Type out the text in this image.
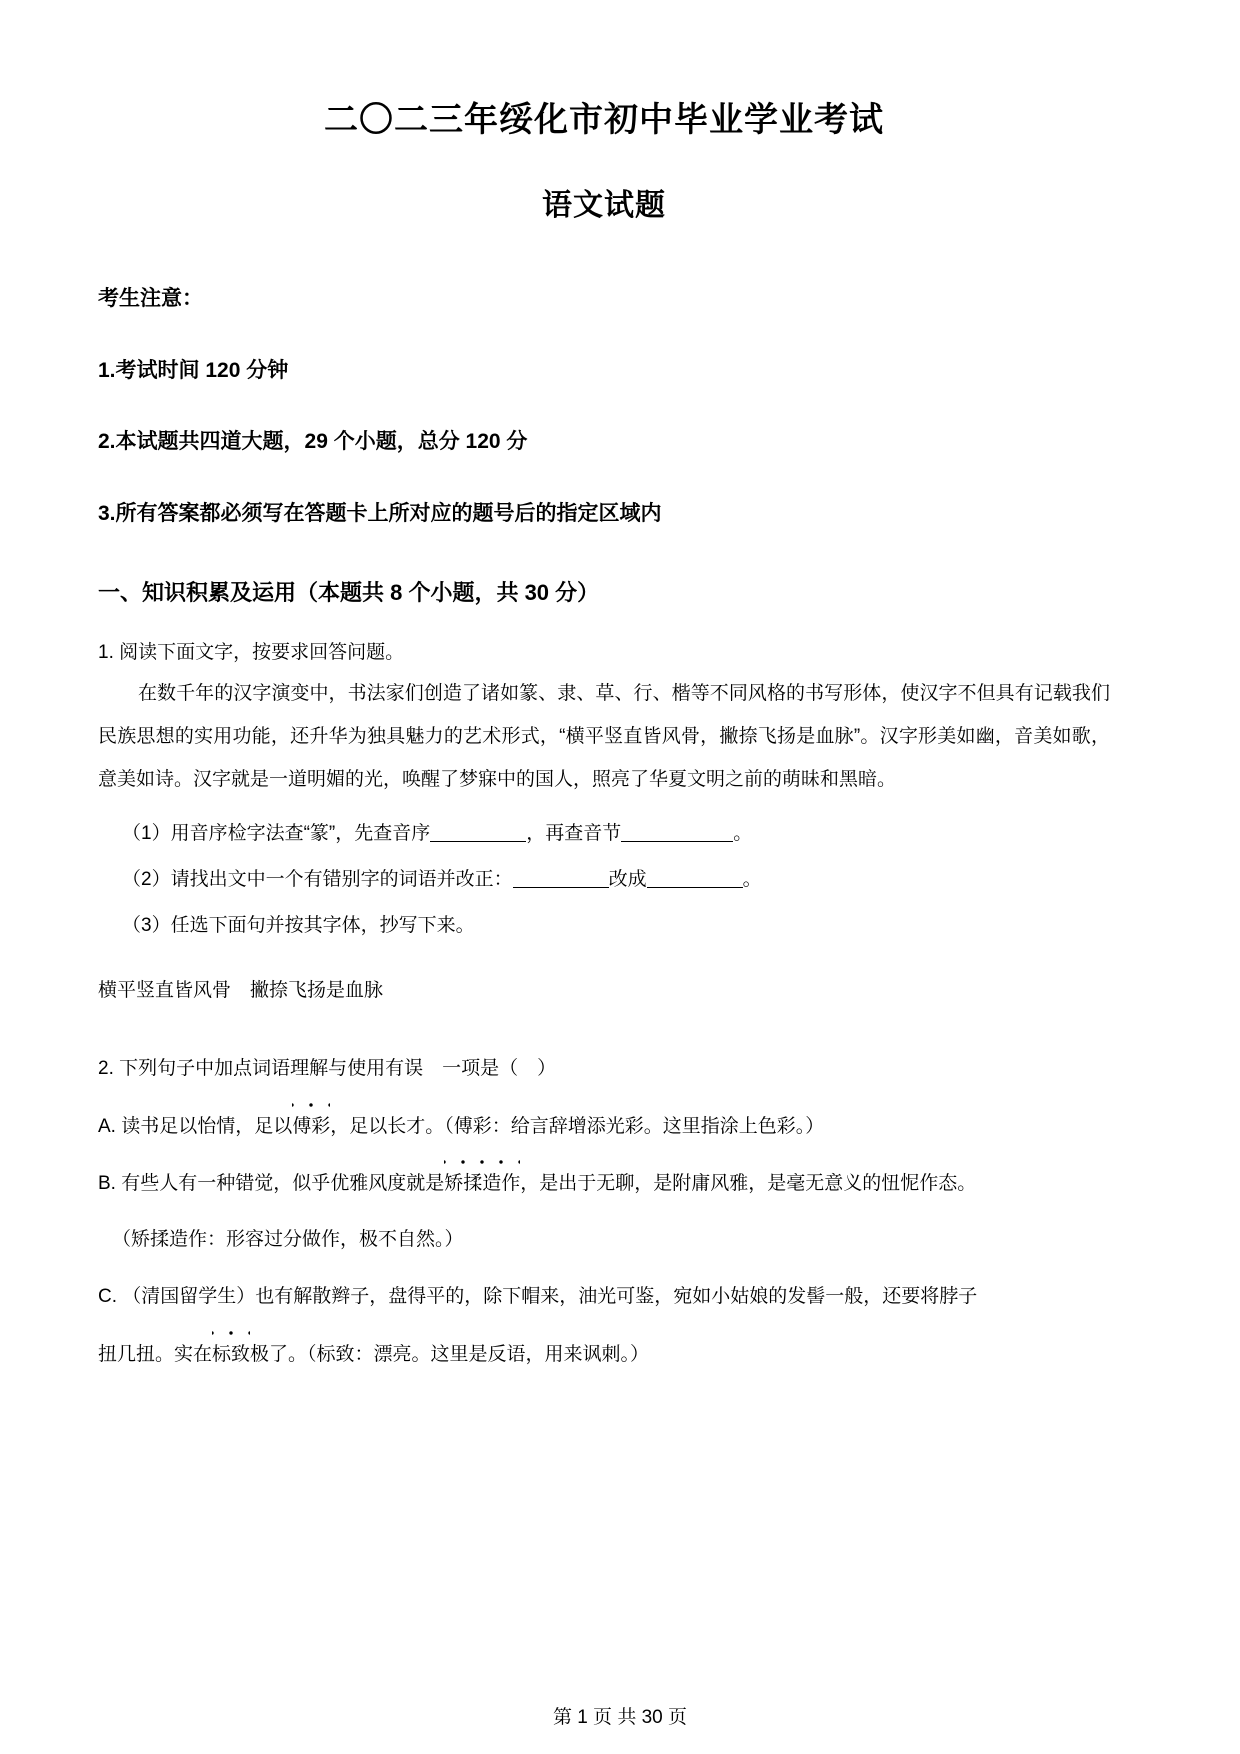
二〇二三年绥化市初中毕业学业考试
语文试题
考生注意：
1.考试时间 120 分钟
2.本试题共四道大题，29 个小题，总分 120 分
3.所有答案都必须写在答题卡上所对应的题号后的指定区域内
一、知识积累及运用（本题共 8 个小题，共 30 分）
1. 阅读下面文字，按要求回答问题。
在数千年的汉字演变中，书法家们创造了诸如篆、隶、草、行、楷等不同风格的书写形体，使汉字不但具有记载我们民族思想的实用功能，还升华为独具魅力的艺术形式，“横平竖直皆风骨，撇捺飞扬是血脉”。汉字形美如幽，音美如歌，意美如诗。汉字就是一道明媚的光，唤醒了梦寐中的国人，照亮了华夏文明之前的萌昧和黑暗。
（1）用音序检字法查“篆”，先查音序	，再查音节	。
（2）请找出文中一个有错别字的词语并改正：	改成	。
（3）任选下面句并按其字体，抄写下来。
横平竖直皆风骨　撇捺飞扬是血脉
2. 下列句子中加点词语理解与使用有误　一项是（　）
A. 读书足以怡情，足以傅彩，足以长才。（傅彩：给言辞增添光彩。这里指涂上色彩。）
B. 有些人有一种错觉，似乎优雅风度就是矫揉造作，是出于无聊，是附庸风雅，是毫无意义的忸怩作态。
（矫揉造作：形容过分做作，极不自然。）
C. （清国留学生）也有解散辫子，盘得平的，除下帽来，油光可鉴，宛如小姑娘的发髻一般，还要将脖子
扭几扭。实在标致极了。（标致：漂亮。这里是反语，用来讽刺。）
第 1 页 共 30 页
